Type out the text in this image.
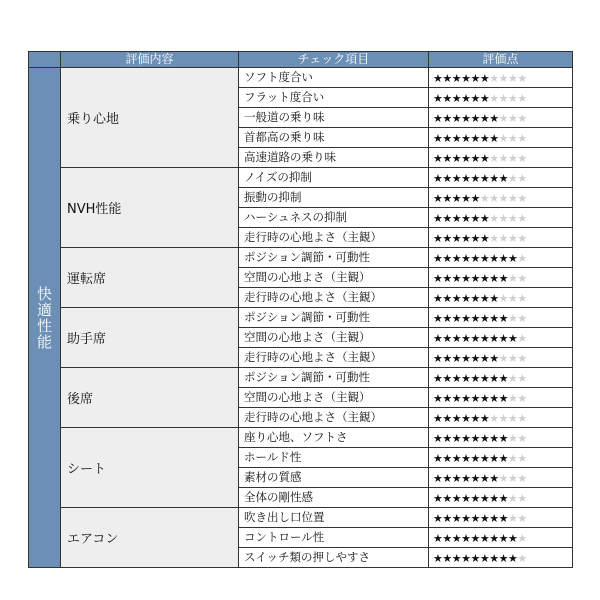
	評価内容	チェック項目	評価点
快適性能	乗り心地	ソフト度合い	★★★★★★★★★★
		フラット度合い	★★★★★★★★★★
		一般道の乗り味	★★★★★★★★★★
		首都高の乗り味	★★★★★★★★★★
		高速道路の乗り味	★★★★★★★★★★
	NVH性能	ノイズの抑制	★★★★★★★★★★
		振動の抑制	★★★★★★★★★★
		ハーシュネスの抑制	★★★★★★★★★★
		走行時の心地よさ（主観）	★★★★★★★★★★
	運転席	ポジション調節・可動性	★★★★★★★★★★
		空間の心地よさ（主観）	★★★★★★★★★★
		走行時の心地よさ（主観）	★★★★★★★★★★
	助手席	ポジション調節・可動性	★★★★★★★★★★
		空間の心地よさ（主観）	★★★★★★★★★★
		走行時の心地よさ（主観）	★★★★★★★★★★
	後席	ポジション調節・可動性	★★★★★★★★★★
		空間の心地よさ（主観）	★★★★★★★★★★
		走行時の心地よさ（主観）	★★★★★★★★★★
	シート	座り心地、ソフトさ	★★★★★★★★★★
		ホールド性	★★★★★★★★★★
		素材の質感	★★★★★★★★★★
		全体の剛性感	★★★★★★★★★★
	エアコン	吹き出し口位置	★★★★★★★★★★
		コントロール性	★★★★★★★★★★
		スイッチ類の押しやすさ	★★★★★★★★★★
